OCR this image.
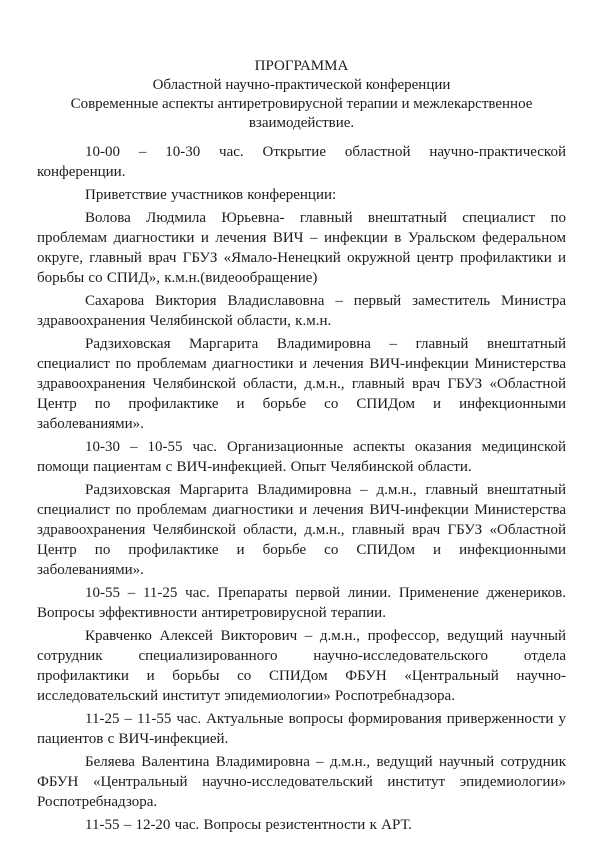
ПРОГРАММА
Областной научно-практической конференции
Современные аспекты антиретровирусной терапии и межлекарственное взаимодействие.

10-00 – 10-30 час. Открытие областной научно-практической конференции.

Приветствие участников конференции:

Волова Людмила Юрьевна- главный внештатный специалист по проблемам диагностики и лечения ВИЧ – инфекции в Уральском федеральном округе, главный врач ГБУЗ «Ямало-Ненецкий окружной центр профилактики и борьбы со СПИД», к.м.н.(видеообращение)

Сахарова Виктория Владиславовна – первый заместитель Министра здравоохранения Челябинской области, к.м.н.

Радзиховская Маргарита Владимировна – главный внештатный специалист по проблемам диагностики и лечения ВИЧ-инфекции Министерства здравоохранения Челябинской области, д.м.н., главный врач ГБУЗ «Областной Центр по профилактике и борьбе со СПИДом и инфекционными заболеваниями».

10-30 – 10-55 час. Организационные аспекты оказания медицинской помощи пациентам с ВИЧ-инфекцией. Опыт Челябинской области.

Радзиховская Маргарита Владимировна – д.м.н., главный внештатный специалист по проблемам диагностики и лечения ВИЧ-инфекции Министерства здравоохранения Челябинской области, д.м.н., главный врач ГБУЗ «Областной Центр по профилактике и борьбе со СПИДом и инфекционными заболеваниями».

10-55 – 11-25 час. Препараты первой линии. Применение дженериков. Вопросы эффективности антиретровирусной терапии.

Кравченко Алексей Викторович – д.м.н., профессор, ведущий научный сотрудник специализированного научно-исследовательского отдела профилактики и борьбы со СПИДом ФБУН «Центральный научно-исследовательский институт эпидемиологии» Роспотребнадзора.

11-25 – 11-55 час. Актуальные вопросы формирования приверженности у пациентов с ВИЧ-инфекцией.

Беляева Валентина Владимировна – д.м.н., ведущий научный сотрудник ФБУН «Центральный научно-исследовательский институт эпидемиологии» Роспотребнадзора.

11-55 – 12-20 час. Вопросы резистентности к АРТ.
